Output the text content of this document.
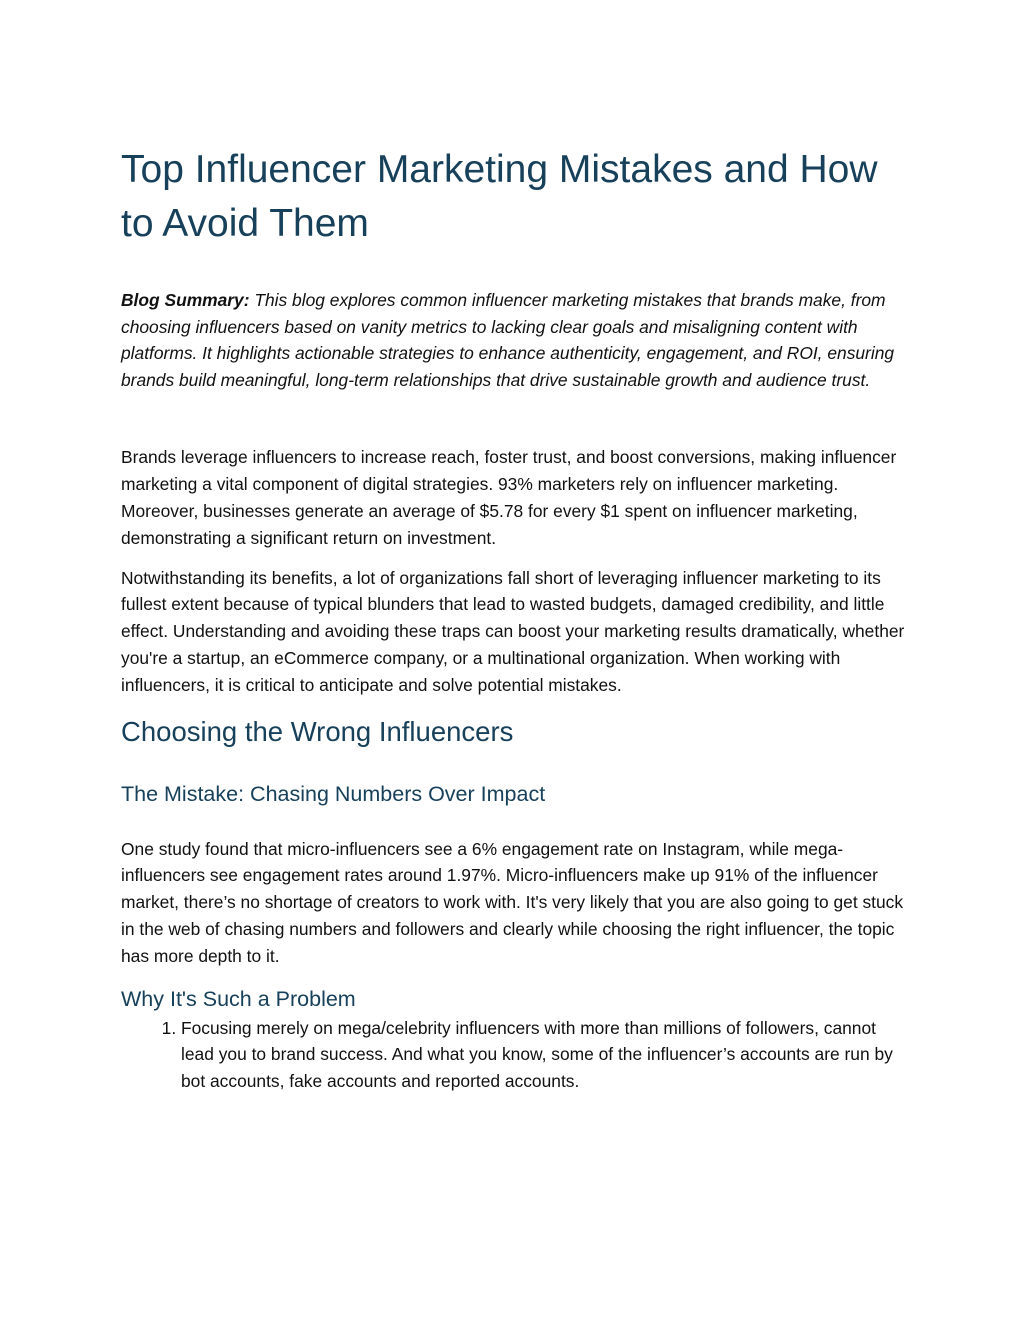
Top Influencer Marketing Mistakes and How to Avoid Them

Blog Summary: This blog explores common influencer marketing mistakes that brands make, from choosing influencers based on vanity metrics to lacking clear goals and misaligning content with platforms. It highlights actionable strategies to enhance authenticity, engagement, and ROI, ensuring brands build meaningful, long-term relationships that drive sustainable growth and audience trust.

Brands leverage influencers to increase reach, foster trust, and boost conversions, making influencer marketing a vital component of digital strategies. 93% marketers rely on influencer marketing. Moreover, businesses generate an average of $5.78 for every $1 spent on influencer marketing, demonstrating a significant return on investment.

Notwithstanding its benefits, a lot of organizations fall short of leveraging influencer marketing to its fullest extent because of typical blunders that lead to wasted budgets, damaged credibility, and little effect. Understanding and avoiding these traps can boost your marketing results dramatically, whether you're a startup, an eCommerce company, or a multinational organization. When working with influencers, it is critical to anticipate and solve potential mistakes.

Choosing the Wrong Influencers
The Mistake: Chasing Numbers Over Impact

One study found that micro-influencers see a 6% engagement rate on Instagram, while mega-influencers see engagement rates around 1.97%. Micro-influencers make up 91% of the influencer market, there’s no shortage of creators to work with. It's very likely that you are also going to get stuck in the web of chasing numbers and followers and clearly while choosing the right influencer, the topic has more depth to it.

Why It's Such a Problem
1. Focusing merely on mega/celebrity influencers with more than millions of followers, cannot lead you to brand success. And what you know, some of the influencer’s accounts are run by bot accounts, fake accounts and reported accounts.
